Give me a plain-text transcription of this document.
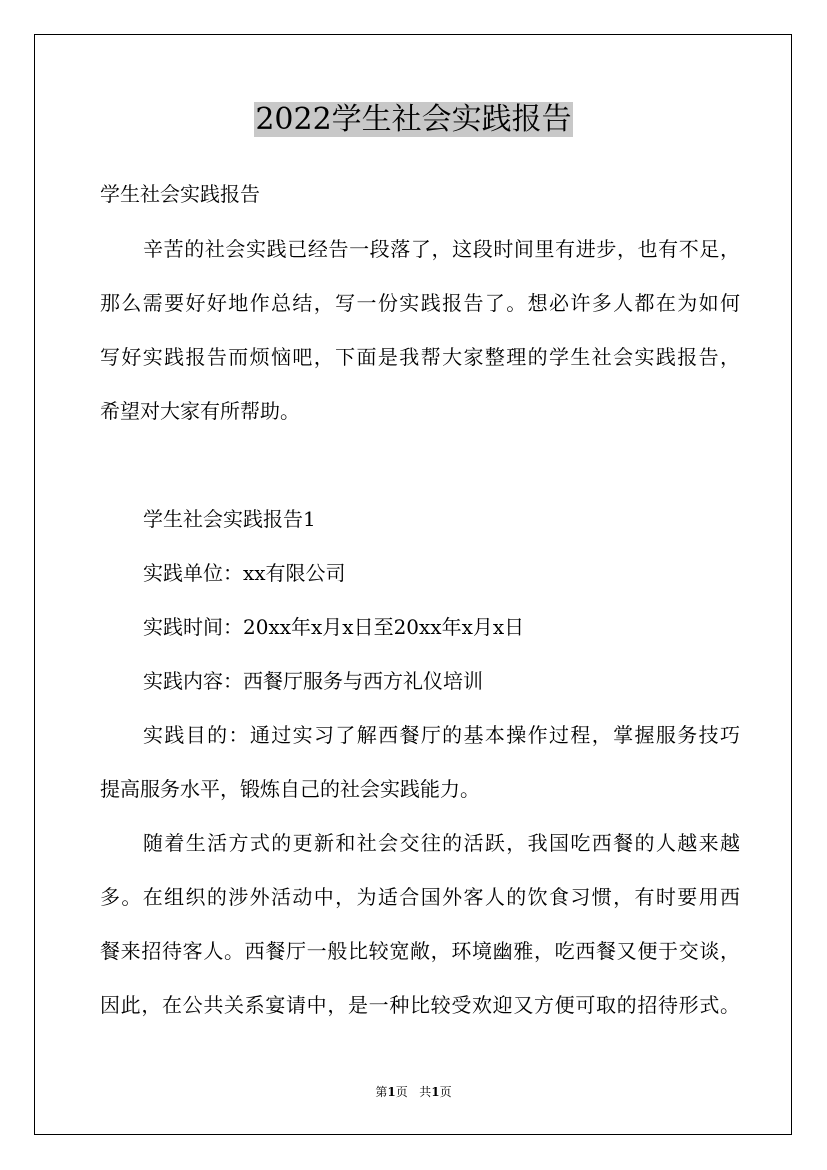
2022学生社会实践报告
学生社会实践报告
辛苦的社会实践已经告一段落了，这段时间里有进步，也有不足，
那么需要好好地作总结，写一份实践报告了。想必许多人都在为如何
写好实践报告而烦恼吧，下面是我帮大家整理的学生社会实践报告，
希望对大家有所帮助。
学生社会实践报告1
实践单位：xx有限公司
实践时间：20xx年x月x日至20xx年x月x日
实践内容：西餐厅服务与西方礼仪培训
实践目的：通过实习了解西餐厅的基本操作过程，掌握服务技巧
提高服务水平，锻炼自己的社会实践能力。
随着生活方式的更新和社会交往的活跃，我国吃西餐的人越来越
多。在组织的涉外活动中，为适合国外客人的饮食习惯，有时要用西
餐来招待客人。西餐厅一般比较宽敞，环境幽雅，吃西餐又便于交谈，
因此，在公共关系宴请中，是一种比较受欢迎又方便可取的招待形式。
第1页 共1页
